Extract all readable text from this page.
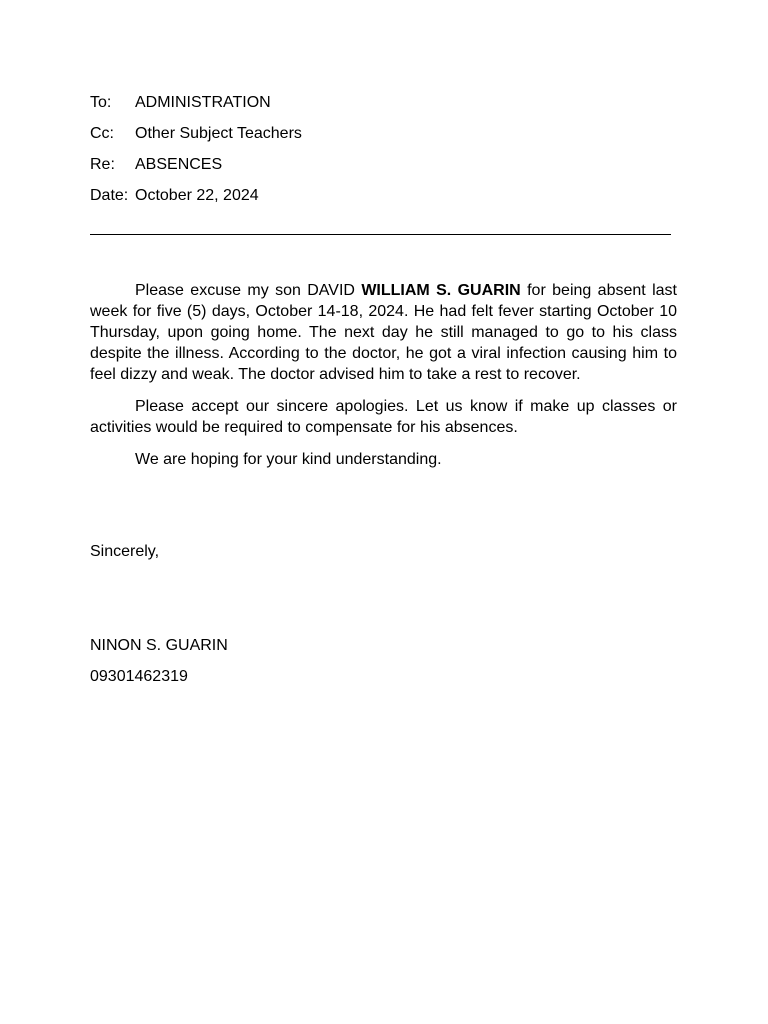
To:	ADMINISTRATION
Cc:	Other Subject Teachers
Re:	ABSENCES
Date: October 22, 2024

Please excuse my son DAVID WILLIAM S. GUARIN for being absent last week for five (5) days, October 14-18, 2024. He had felt fever starting October 10 Thursday, upon going home. The next day he still managed to go to his class despite the illness. According to the doctor, he got a viral infection causing him to feel dizzy and weak. The doctor advised him to take a rest to recover.

Please accept our sincere apologies. Let us know if make up classes or activities would be required to compensate for his absences.

We are hoping for your kind understanding.

Sincerely,
NINON S. GUARIN
09301462319
